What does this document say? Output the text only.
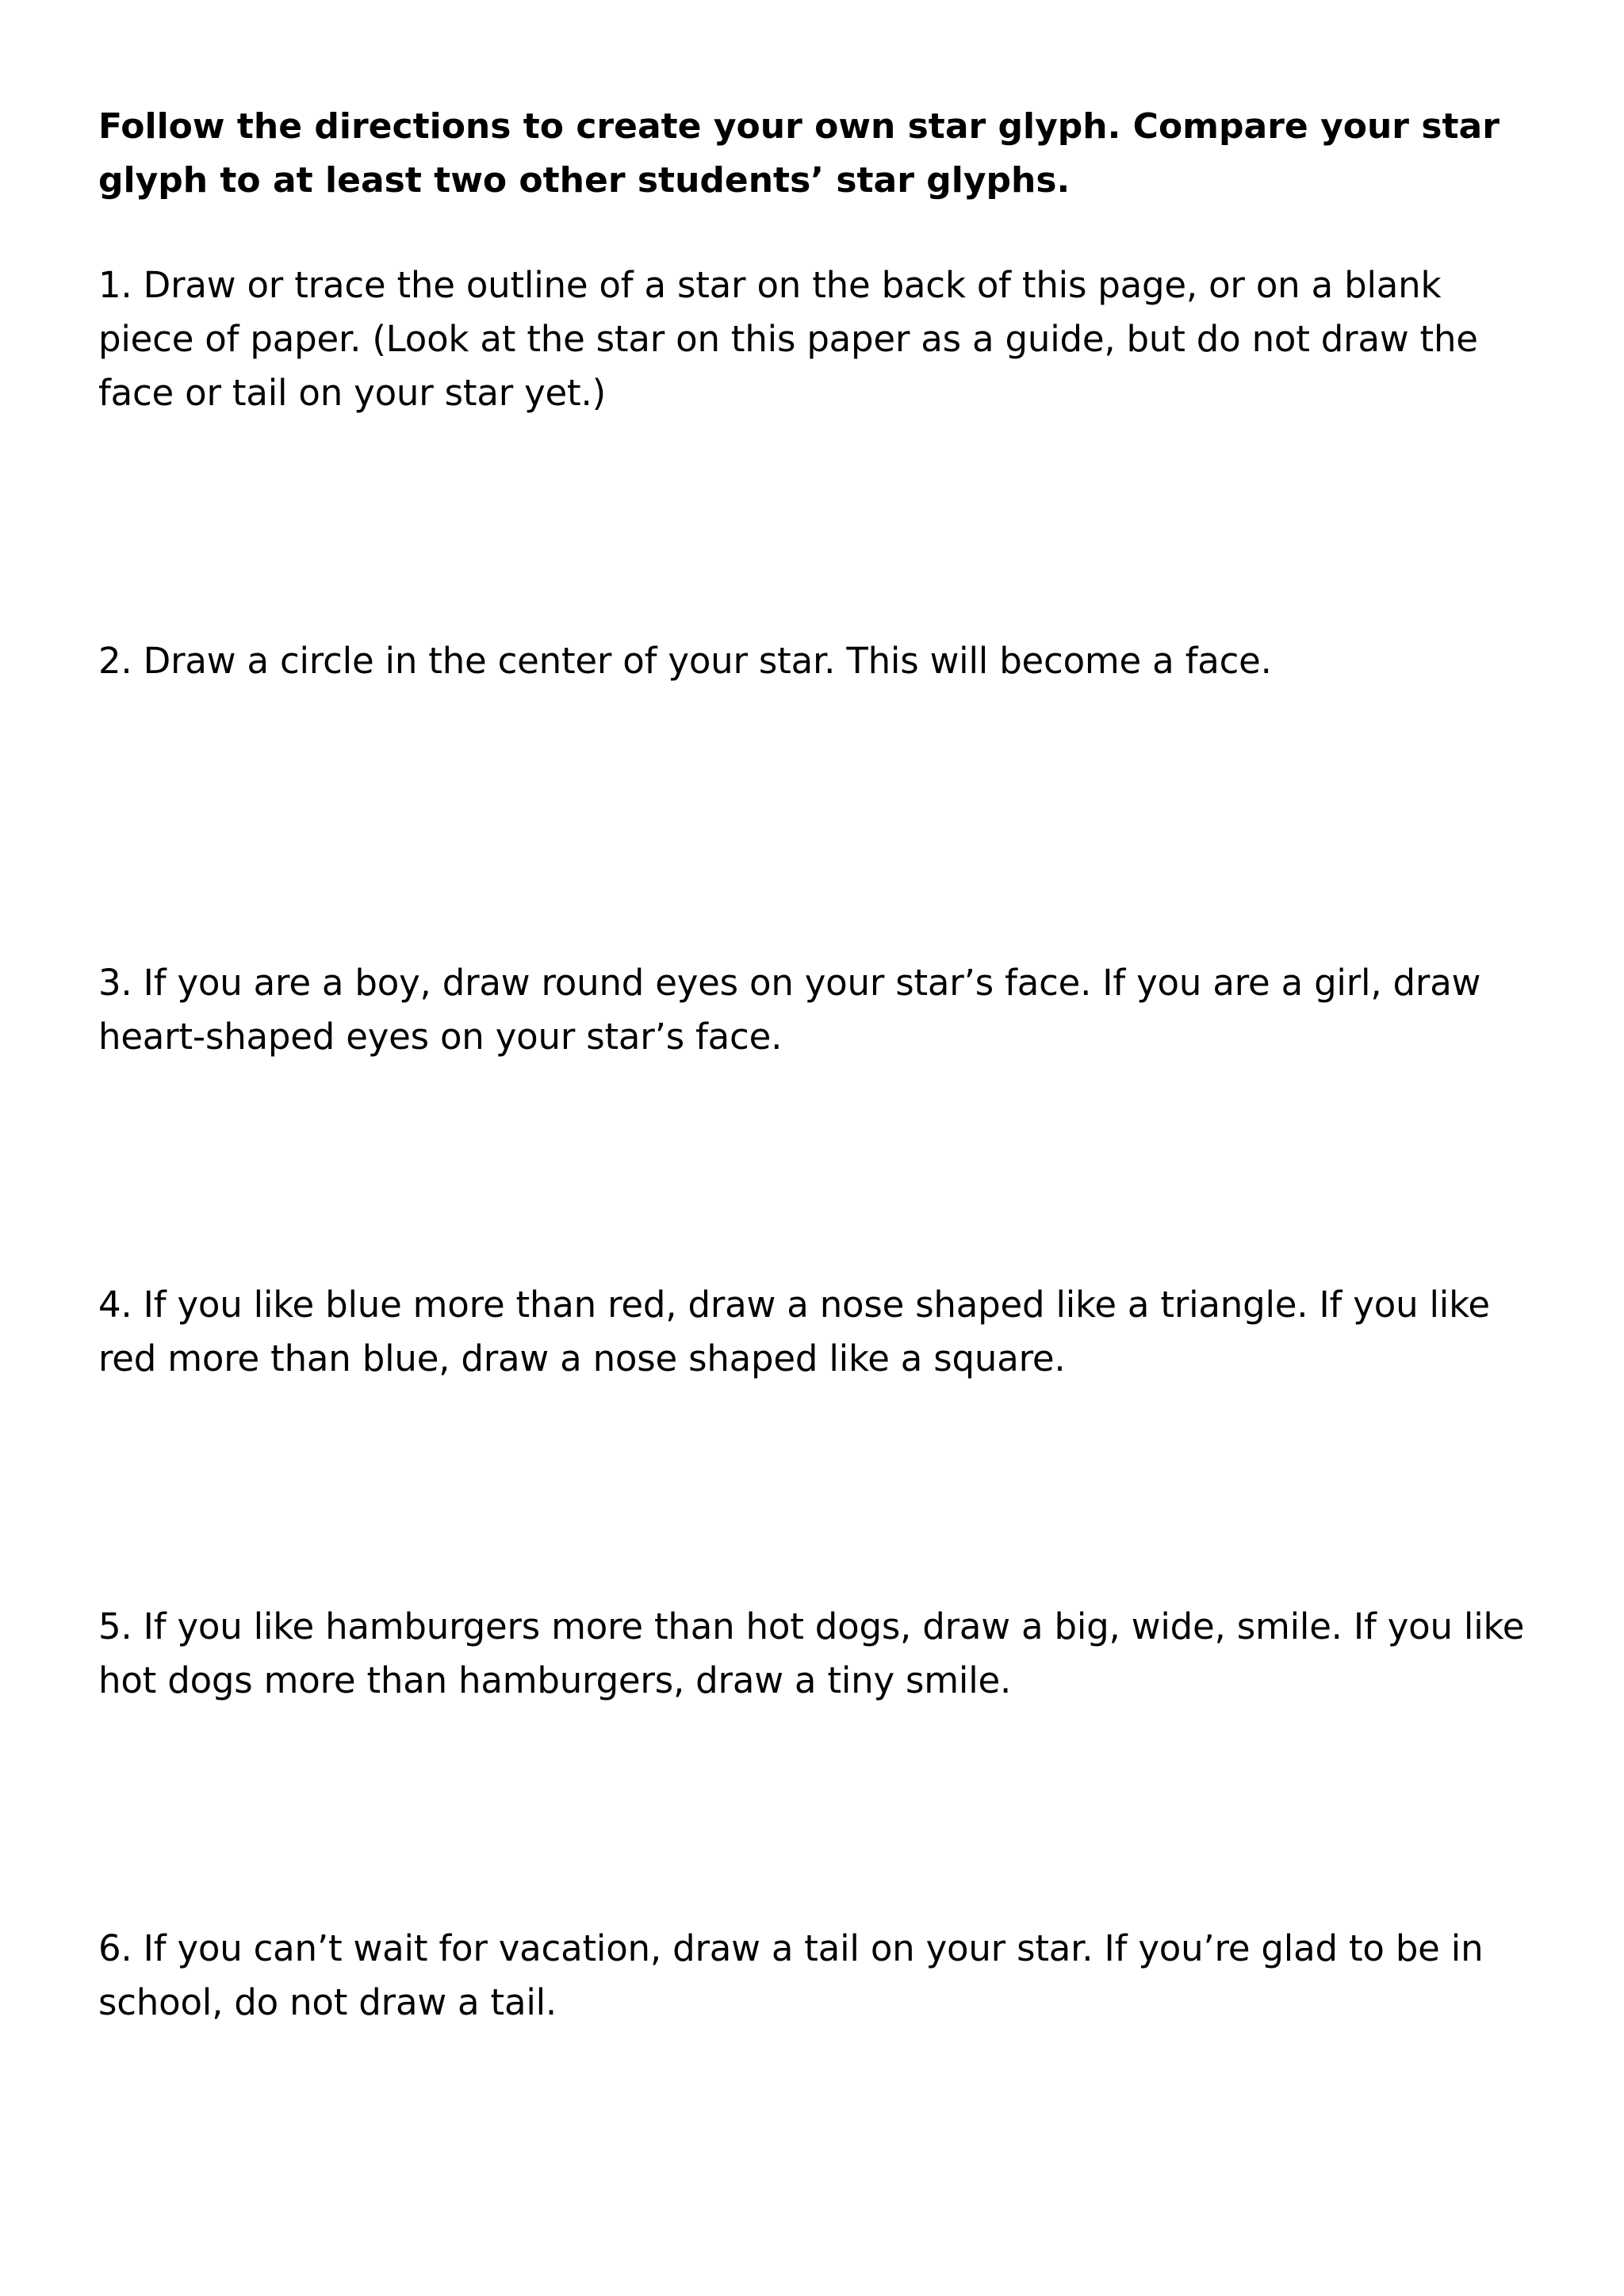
Follow the directions to create your own star glyph. Compare your star glyph to at least two other students’ star glyphs.

1. Draw or trace the outline of a star on the back of this page, or on a blank piece of paper. (Look at the star on this paper as a guide, but do not draw the face or tail on your star yet.)

2. Draw a circle in the center of your star. This will become a face.

3. If you are a boy, draw round eyes on your star’s face. If you are a girl, draw heart-shaped eyes on your star’s face.

4. If you like blue more than red, draw a nose shaped like a triangle. If you like red more than blue, draw a nose shaped like a square.

5. If you like hamburgers more than hot dogs, draw a big, wide, smile. If you like hot dogs more than hamburgers, draw a tiny smile.

6. If you can’t wait for vacation, draw a tail on your star. If you’re glad to be in school, do not draw a tail.
